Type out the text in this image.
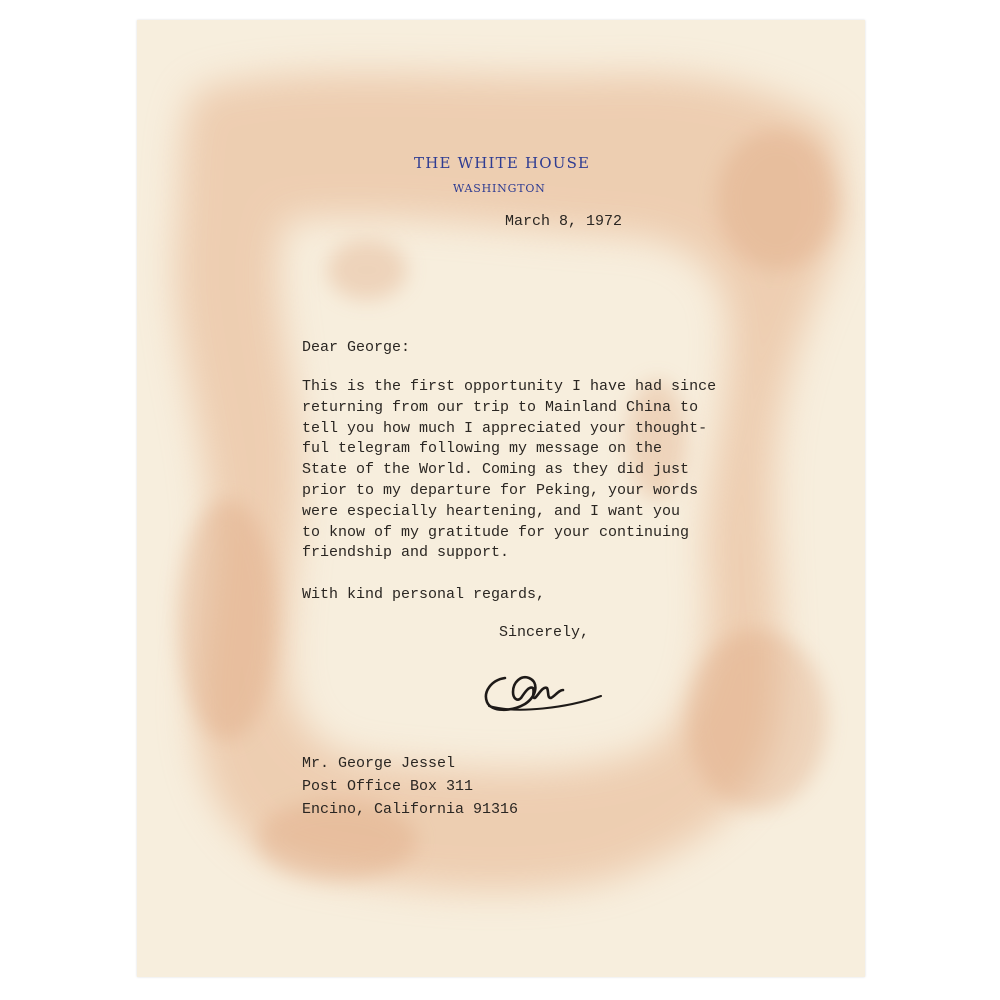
THE WHITE HOUSE
WASHINGTON
March 8, 1972
Dear George:
This is the first opportunity I have had since
returning from our trip to Mainland China to
tell you how much I appreciated your thought-
ful telegram following my message on the
State of the World. Coming as they did just
prior to my departure for Peking, your words
were especially heartening, and I want you
to know of my gratitude for your continuing
friendship and support.
With kind personal regards,
Sincerely,
Mr. George Jessel
Post Office Box 311
Encino, California 91316
